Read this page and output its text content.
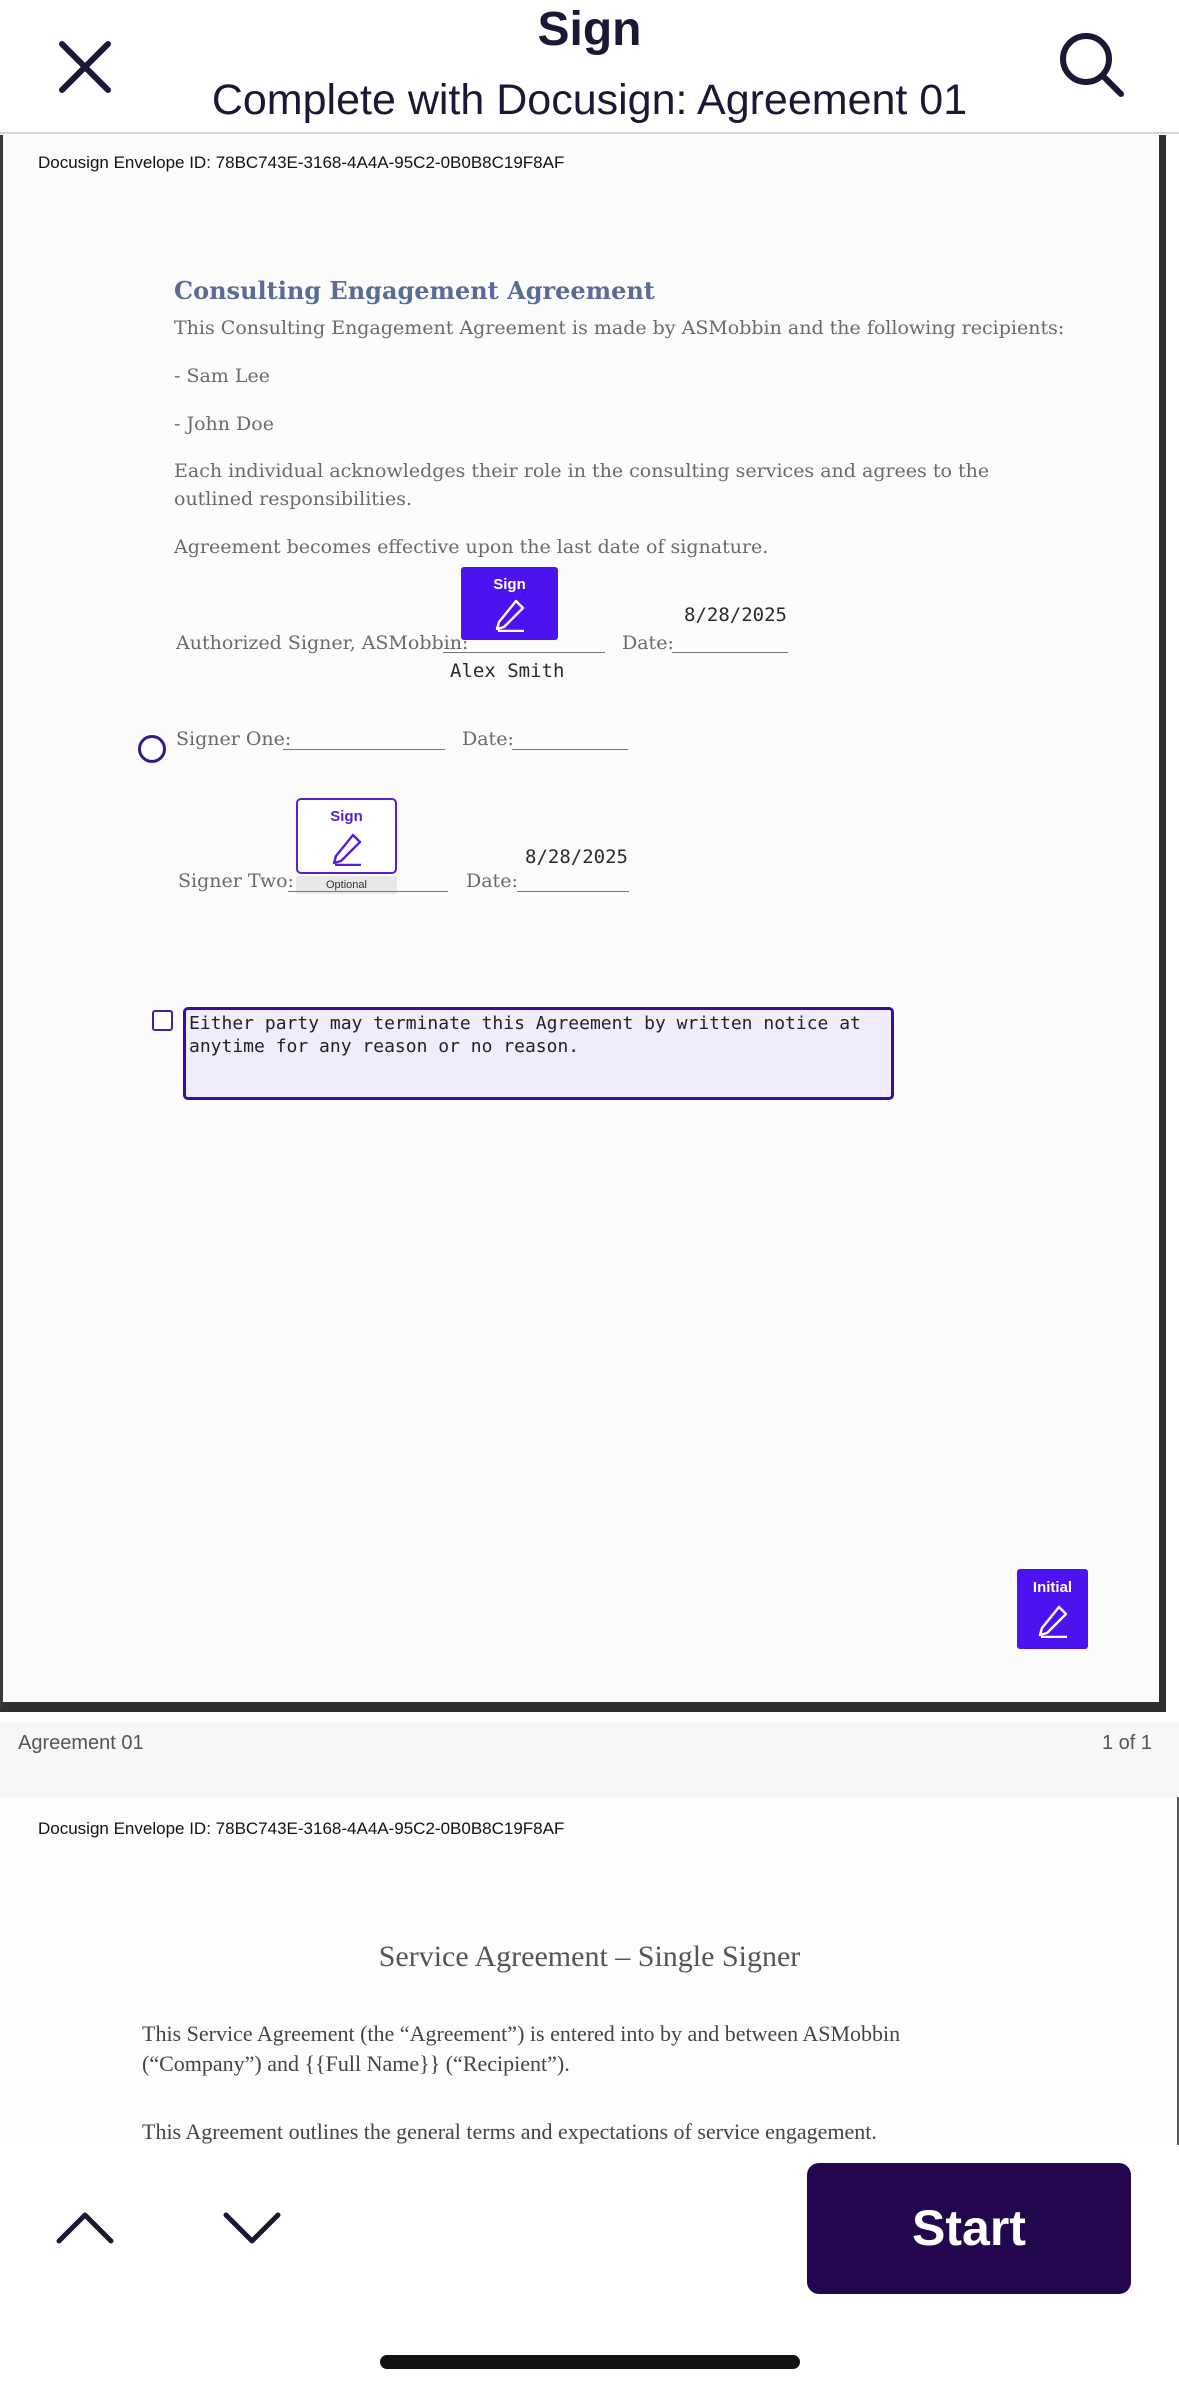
Sign
Complete with Docusign: Agreement 01
Docusign Envelope ID: 78BC743E-3168-4A4A-95C2-0B0B8C19F8AF
Consulting Engagement Agreement
This Consulting Engagement Agreement is made by ASMobbin and the following recipients:
- Sam Lee
- John Doe
Each individual acknowledges their role in the consulting services and agrees to the
outlined responsibilities.
Agreement becomes effective upon the last date of signature.
Sign
Authorized Signer, ASMobbin:	Date:
8/28/2025
Alex Smith
Signer One:	Date:
Sign
Optional
Signer Two:	Date:
8/28/2025
Either party may terminate this Agreement by written notice at
anytime for any reason or no reason.
Initial
Agreement 01	1 of 1
Docusign Envelope ID: 78BC743E-3168-4A4A-95C2-0B0B8C19F8AF
Service Agreement – Single Signer
This Service Agreement (the “Agreement”) is entered into by and between ASMobbin
(“Company”) and {{Full Name}} (“Recipient”).
This Agreement outlines the general terms and expectations of service engagement.
Start
